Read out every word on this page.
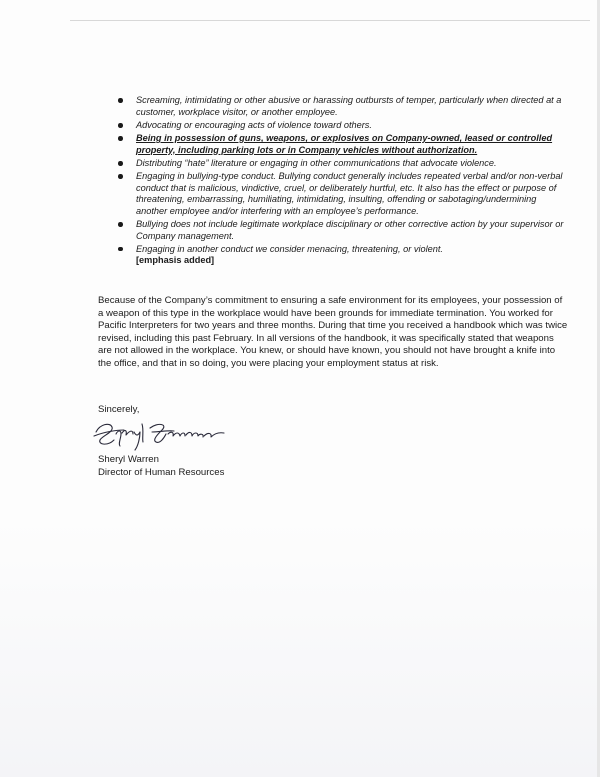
Screaming, intimidating or other abusive or harassing outbursts of temper, particularly when directed at a customer, workplace visitor, or another employee.
Advocating or encouraging acts of violence toward others.
Being in possession of guns, weapons, or explosives on Company-owned, leased or controlled property, including parking lots or in Company vehicles without authorization.
Distributing “hate” literature or engaging in other communications that advocate violence.
Engaging in bullying-type conduct. Bullying conduct generally includes repeated verbal and/or non-verbal conduct that is malicious, vindictive, cruel, or deliberately hurtful, etc. It also has the effect or purpose of threatening, embarrassing, humiliating, intimidating, insulting, offending or sabotaging/undermining another employee and/or interfering with an employee’s performance.
Bullying does not include legitimate workplace disciplinary or other corrective action by your supervisor or Company management.
Engaging in another conduct we consider menacing, threatening, or violent.
[emphasis added]

Because of the Company’s commitment to ensuring a safe environment for its employees, your possession of a weapon of this type in the workplace would have been grounds for immediate termination. You worked for Pacific Interpreters for two years and three months. During that time you received a handbook which was twice revised, including this past February. In all versions of the handbook, it was specifically stated that weapons are not allowed in the workplace. You knew, or should have known, you should not have brought a knife into the office, and that in so doing, you were placing your employment status at risk.

Sincerely,

Sheryl Warren

Director of Human Resources
